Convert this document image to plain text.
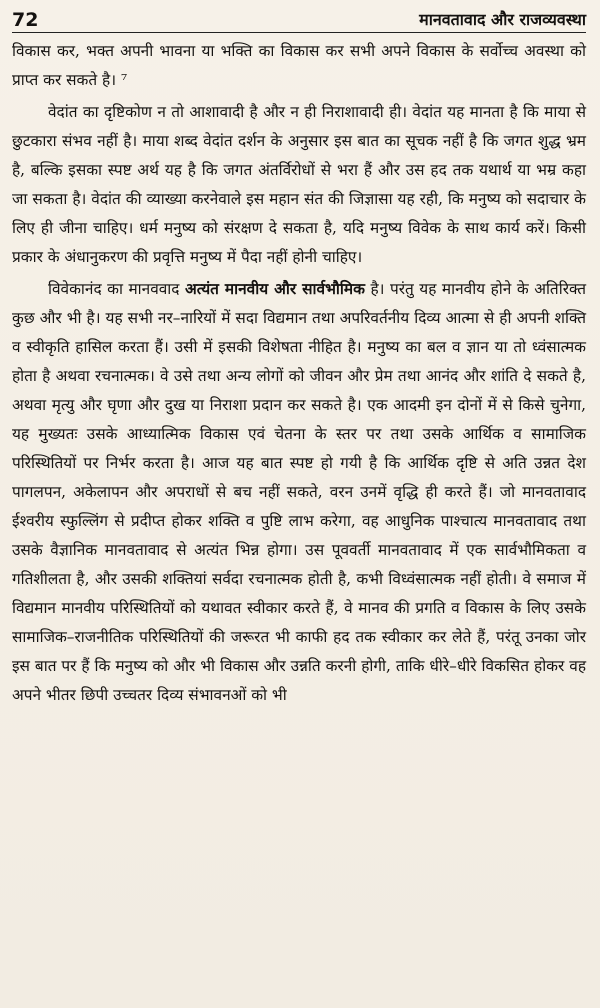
72	मानवतावाद और राजव्यवस्था

विकास कर, भक्त अपनी भावना या भक्ति का विकास कर सभी अपने विकास के सर्वोच्च अवस्था को प्राप्त कर सकते है। ⁷

वेदांत का दृष्टिकोण न तो आशावादी है और न ही निराशावादी ही। वेदांत यह मानता है कि माया से छुटकारा संभव नहीं है। माया शब्द वेदांत दर्शन के अनुसार इस बात का सूचक नहीं है कि जगत शुद्ध भ्रम है, बल्कि इसका स्पष्ट अर्थ यह है कि जगत अंतर्विरोधों से भरा हैं और उस हद तक यथार्थ या भम्र कहा जा सकता है। वेदांत की व्याख्या करनेवाले इस महान संत की जिज्ञासा यह रही, कि मनुष्य को सदाचार के लिए ही जीना चाहिए। धर्म मनुष्य को संरक्षण दे सकता है, यदि मनुष्य विवेक के साथ कार्य करें। किसी प्रकार के अंधानुकरण की प्रवृत्ति मनुष्य में पैदा नहीं होनी चाहिए।

विवेकानंद का मानववाद अत्यंत मानवीय और सार्वभौमिक है। परंतु यह मानवीय होने के अतिरिक्त कुछ और भी है। यह सभी नर–नारियों में सदा विद्यमान तथा अपरिवर्तनीय दिव्य आत्मा से ही अपनी शक्ति व स्वीकृति हासिल करता हैं। उसी में इसकी विशेषता नीहित है। मनुष्य का बल व ज्ञान या तो ध्वंसात्मक होता है अथवा रचनात्मक। वे उसे तथा अन्य लोगों को जीवन और प्रेम तथा आनंद और शांति दे सकते है, अथवा मृत्यु और घृणा और दुख या निराशा प्रदान कर सकते है। एक आदमी इन दोनों में से किसे चुनेगा, यह मुख्यतः उसके आध्यात्मिक विकास एवं चेतना के स्तर पर तथा उसके आर्थिक व सामाजिक परिस्थितियों पर निर्भर करता है। आज यह बात स्पष्ट हो गयी है कि आर्थिक दृष्टि से अति उन्नत देश पागलपन, अकेलापन और अपराधों से बच नहीं सकते, वरन उनमें वृद्धि ही करते हैं। जो मानवतावाद ईश्वरीय स्फुल्लिंग से प्रदीप्त होकर शक्ति व पुष्टि लाभ करेगा, वह आधुनिक पाश्चात्य मानवतावाद तथा उसके वैज्ञानिक मानवतावाद से अत्यंत भिन्न होगा। उस पूववर्ती मानवतावाद में एक सार्वभौमिकता व गतिशीलता है, और उसकी शक्तियां सर्वदा रचनात्मक होती है, कभी विध्वंसात्मक नहीं होती। वे समाज में विद्यमान मानवीय परिस्थितियों को यथावत स्वीकार करते हैं, वे मानव की प्रगति व विकास के लिए उसके सामाजिक–राजनीतिक परिस्थितियों की जरूरत भी काफी हद तक स्वीकार कर लेते हैं, परंतू उनका जोर इस बात पर हैं कि मनुष्य को और भी विकास और उन्नति करनी होगी, ताकि धीरे–धीरे विकसित होकर वह अपने भीतर छिपी उच्चतर दिव्य संभावनओं को भी
